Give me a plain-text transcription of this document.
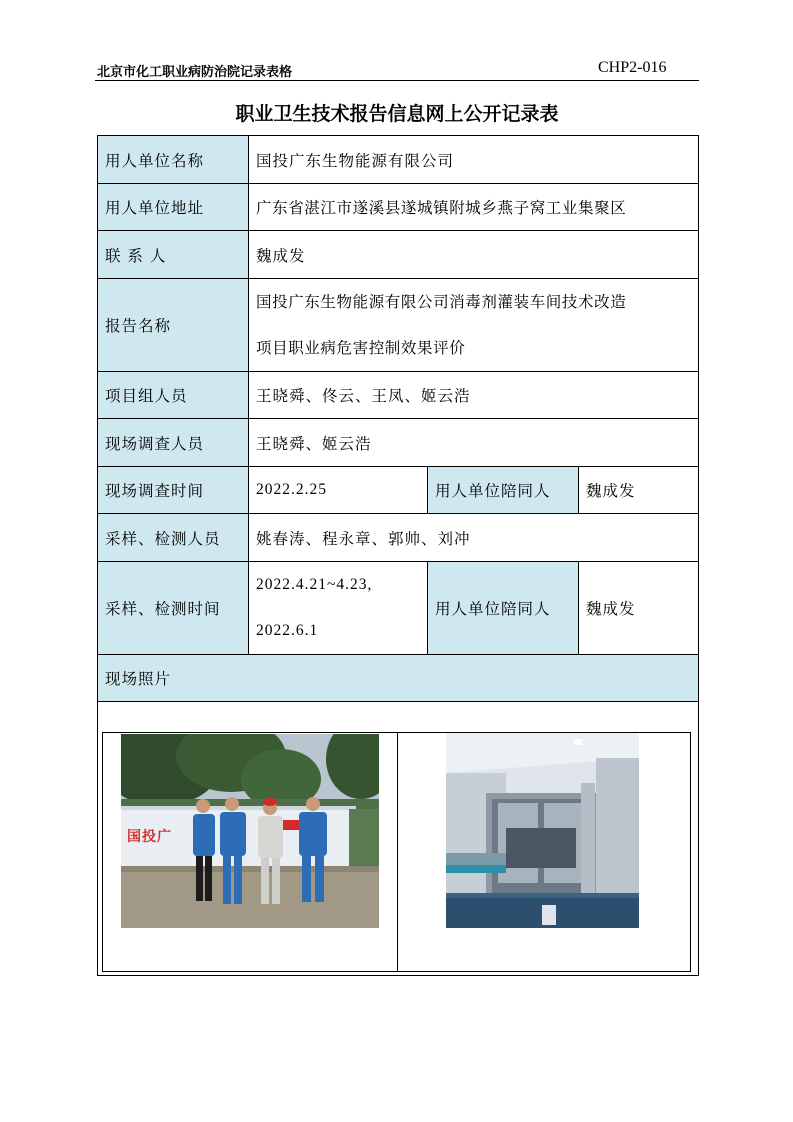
北京市化工职业病防治院记录表格	CHP2-016
职业卫生技术报告信息网上公开记录表
用人单位名称	国投广东生物能源有限公司		
用人单位地址	广东省湛江市遂溪县遂城镇附城乡燕子窝工业集聚区		
联 系 人	魏成发		
报告名称	国投广东生物能源有限公司消毒剂灌装车间技术改造
项目职业病危害控制效果评价		

项目组人员	王晓舜、佟云、王凤、姬云浩		
现场调查人员	王晓舜、姬云浩		
现场调查时间	2022.2.25	用人单位陪同人	魏成发
采样、检测人员	姚春涛、程永章、郭帅、刘冲		
采样、检测时间	2022.4.21~4.23,
2022.6.1	用人单位陪同人	魏成发
现场照片			

国投广			
